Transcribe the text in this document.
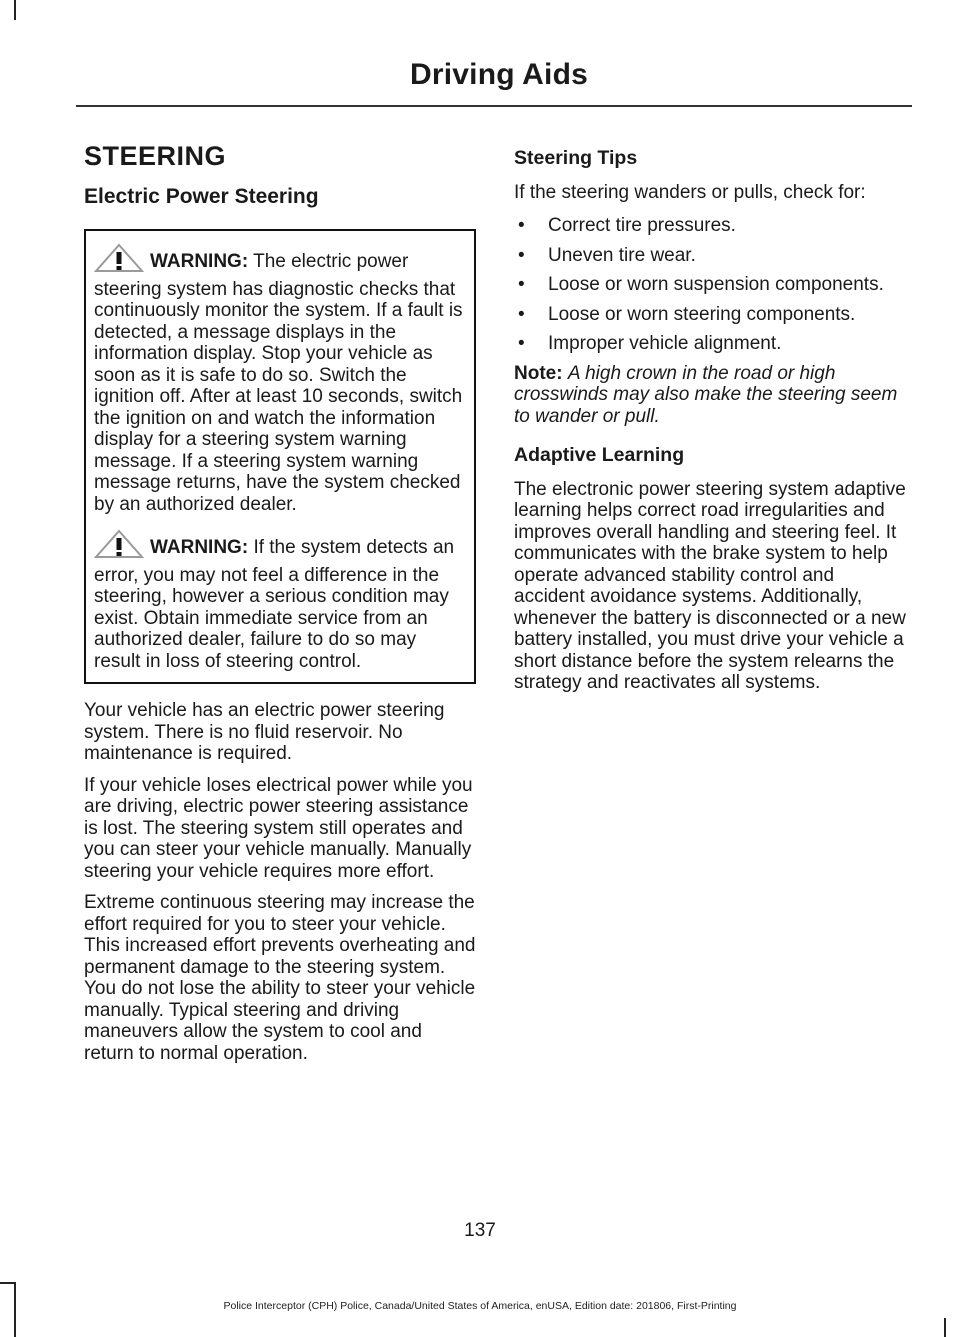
Driving Aids
STEERING
Electric Power Steering

WARNING: The electric power steering system has diagnostic checks that continuously monitor the system. If a fault is detected, a message displays in the information display. Stop your vehicle as soon as it is safe to do so. Switch the ignition off. After at least 10 seconds, switch the ignition on and watch the information display for a steering system warning message. If a steering system warning message returns, have the system checked by an authorized dealer.

WARNING: If the system detects an error, you may not feel a difference in the steering, however a serious condition may exist. Obtain immediate service from an authorized dealer, failure to do so may result in loss of steering control.

Your vehicle has an electric power steering system. There is no fluid reservoir. No maintenance is required.

If your vehicle loses electrical power while you are driving, electric power steering assistance is lost. The steering system still operates and you can steer your vehicle manually. Manually steering your vehicle requires more effort.

Extreme continuous steering may increase the effort required for you to steer your vehicle. This increased effort prevents overheating and permanent damage to the steering system. You do not lose the ability to steer your vehicle manually. Typical steering and driving maneuvers allow the system to cool and return to normal operation.

Steering Tips

If the steering wanders or pulls, check for:

• Correct tire pressures.
• Uneven tire wear.
• Loose or worn suspension components.
• Loose or worn steering components.
• Improper vehicle alignment.

Note: A high crown in the road or high crosswinds may also make the steering seem to wander or pull.

Adaptive Learning

The electronic power steering system adaptive learning helps correct road irregularities and improves overall handling and steering feel. It communicates with the brake system to help operate advanced stability control and accident avoidance systems. Additionally, whenever the battery is disconnected or a new battery installed, you must drive your vehicle a short distance before the system relearns the strategy and reactivates all systems.

137
Police Interceptor (CPH) Police, Canada/United States of America, enUSA, Edition date: 201806, First-Printing
